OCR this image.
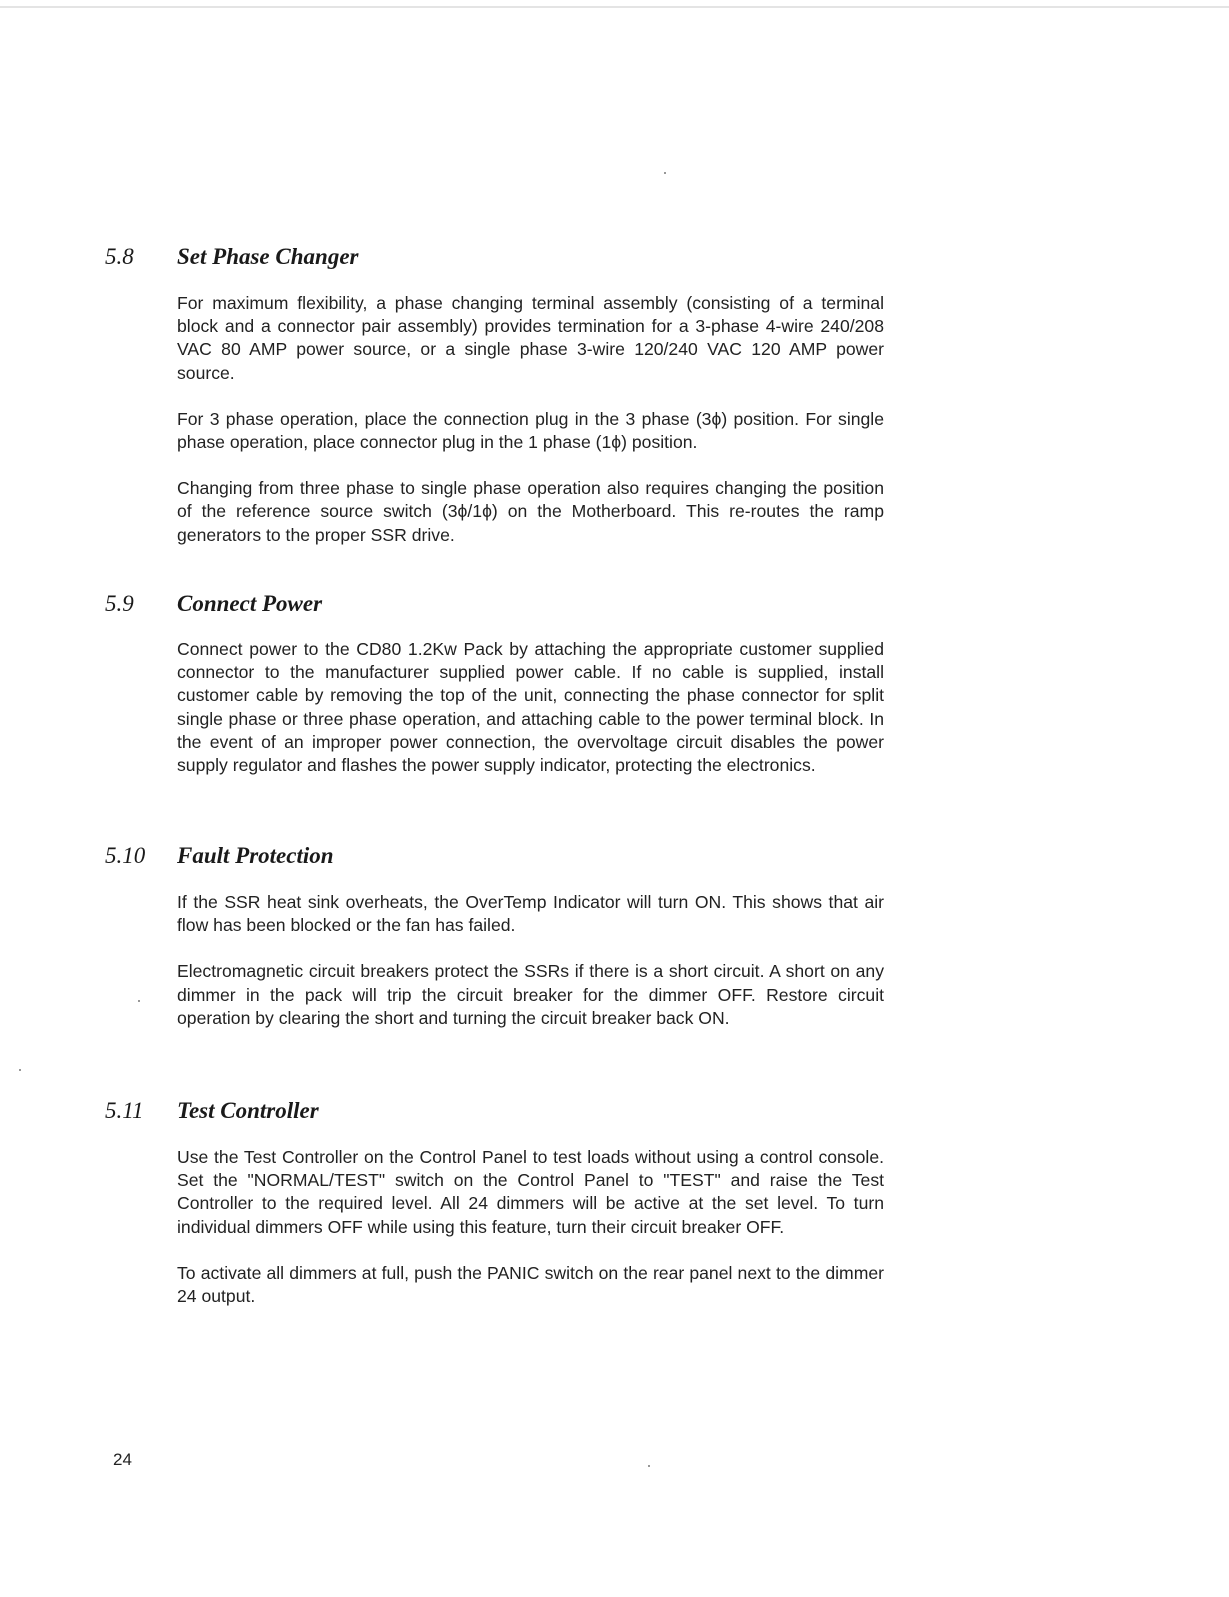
5.8 Set Phase Changer

For maximum flexibility, a phase changing terminal assembly (consisting of a terminal block and a connector pair assembly) provides termination for a 3-phase 4-wire 240/208 VAC 80 AMP power source, or a single phase 3-wire 120/240 VAC 120 AMP power source.

For 3 phase operation, place the connection plug in the 3 phase (3ϕ) position. For single phase operation, place connector plug in the 1 phase (1ϕ) position.

Changing from three phase to single phase operation also requires changing the position of the reference source switch (3ϕ/1ϕ) on the Motherboard. This re-routes the ramp generators to the proper SSR drive.

5.9 Connect Power

Connect power to the CD80 1.2Kw Pack by attaching the appropriate customer supplied connector to the manufacturer supplied power cable. If no cable is supplied, install customer cable by removing the top of the unit, connecting the phase connector for split single phase or three phase operation, and attaching cable to the power terminal block. In the event of an improper power connection, the overvoltage circuit disables the power supply regulator and flashes the power supply indicator, protecting the electronics.

5.10 Fault Protection

If the SSR heat sink overheats, the OverTemp Indicator will turn ON. This shows that air flow has been blocked or the fan has failed.

Electromagnetic circuit breakers protect the SSRs if there is a short circuit. A short on any dimmer in the pack will trip the circuit breaker for the dimmer OFF. Restore circuit operation by clearing the short and turning the circuit breaker back ON.

5.11 Test Controller

Use the Test Controller on the Control Panel to test loads without using a control console. Set the "NORMAL/TEST" switch on the Control Panel to "TEST" and raise the Test Controller to the required level. All 24 dimmers will be active at the set level. To turn individual dimmers OFF while using this feature, turn their circuit breaker OFF.

To activate all dimmers at full, push the PANIC switch on the rear panel next to the dimmer 24 output.

24
